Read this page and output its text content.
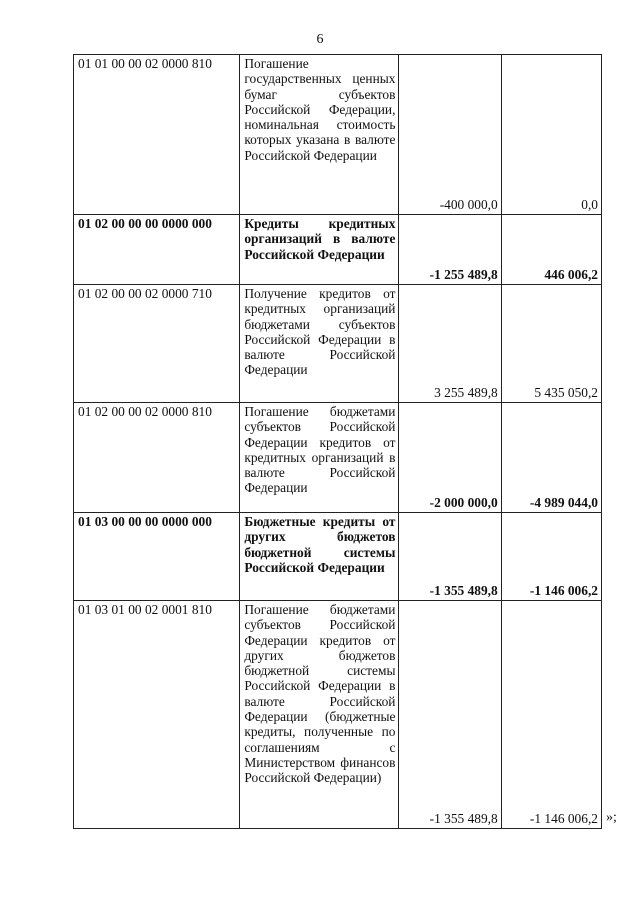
6
01 01 00 00 02 0000 810	Погашение государственных ценных бумаг субъектов Российской Федерации, номинальная стоимость которых указана в валюте Российской Федерации	-400 000,0	0,0
01 02 00 00 00 0000 000	Кредиты кредитных организаций в валюте Российской Федерации	-1 255 489,8	446 006,2
01 02 00 00 02 0000 710	Получение кредитов от кредитных организаций бюджетами субъектов Российской Федерации в валюте Российской Федерации	3 255 489,8	5 435 050,2
01 02 00 00 02 0000 810	Погашение бюджетами субъектов Российской Федерации кредитов от кредитных организаций в валюте Российской Федерации	-2 000 000,0	-4 989 044,0
01 03 00 00 00 0000 000	Бюджетные кредиты от других бюджетов бюджетной системы Российской Федерации	-1 355 489,8	-1 146 006,2
01 03 01 00 02 0001 810	Погашение бюджетами субъектов Российской Федерации кредитов от других бюджетов бюджетной системы Российской Федерации в валюте Российской Федерации (бюджетные кредиты, полученные по соглашениям с Министерством финансов Российской Федерации)	-1 355 489,8	-1 146 006,2 »;
